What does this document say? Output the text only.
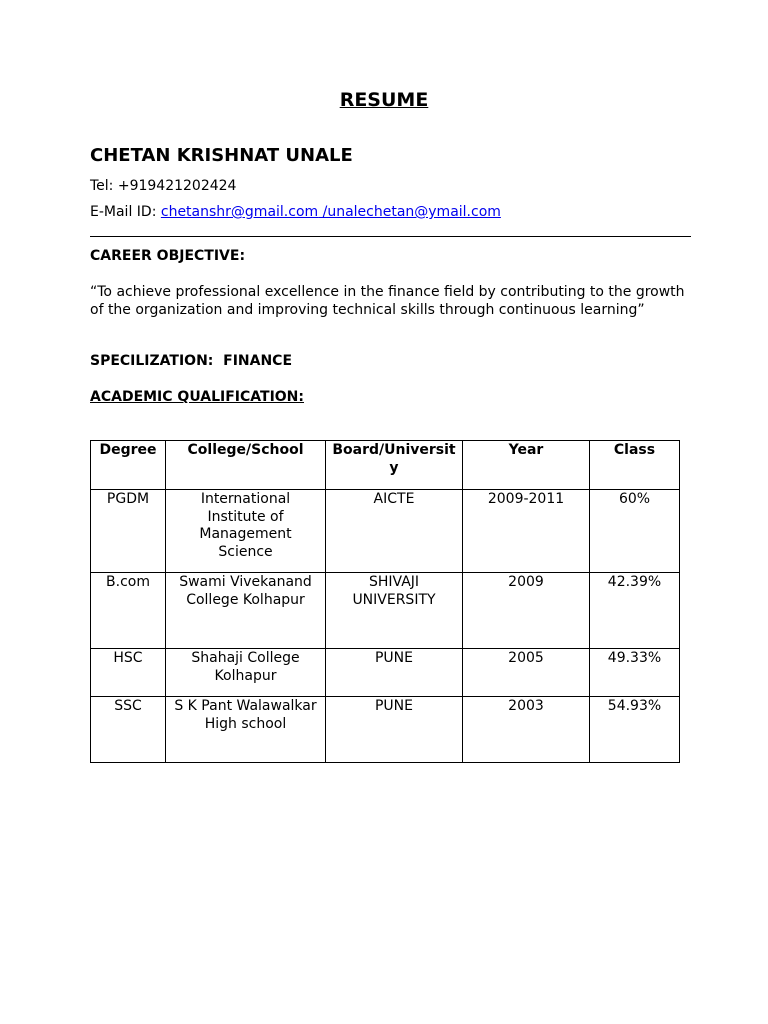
RESUME
CHETAN KRISHNAT UNALE
Tel: +919421202424
E-Mail ID: chetanshr@gmail.com /unalechetan@ymail.com
CAREER OBJECTIVE:
“To achieve professional excellence in the finance field by contributing to the growth of the organization and improving technical skills through continuous learning”
SPECILIZATION:  FINANCE
ACADEMIC QUALIFICATION:
Degree	College/School	Board/University	Year	Class
PGDM	International Institute of Management Science	AICTE	2009-2011	60%
B.com	Swami Vivekanand College Kolhapur	SHIVAJI UNIVERSITY	2009	42.39%
HSC	Shahaji College Kolhapur	PUNE	2005	49.33%
SSC	S K Pant Walawalkar High school	PUNE	2003	54.93%
